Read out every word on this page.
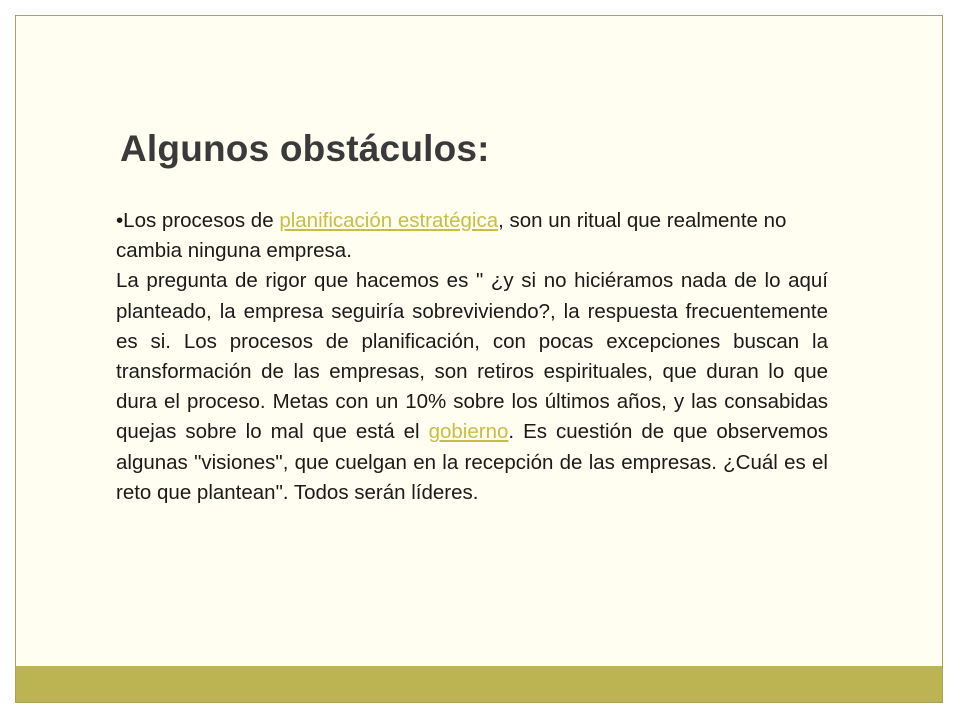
Algunos obstáculos:

•Los procesos de planificación estratégica, son un ritual que realmente no cambia ninguna empresa.

La pregunta de rigor que hacemos es " ¿y si no hiciéramos nada de lo aquí planteado, la empresa seguiría sobreviviendo?, la respuesta frecuentemente es si. Los procesos de planificación, con pocas excepciones buscan la transformación de las empresas, son retiros espirituales, que duran lo que dura el proceso. Metas con un 10% sobre los últimos años, y las consabidas quejas sobre lo mal que está el gobierno. Es cuestión de que observemos algunas "visiones", que cuelgan en la recepción de las empresas. ¿Cuál es el reto que plantean". Todos serán líderes.
